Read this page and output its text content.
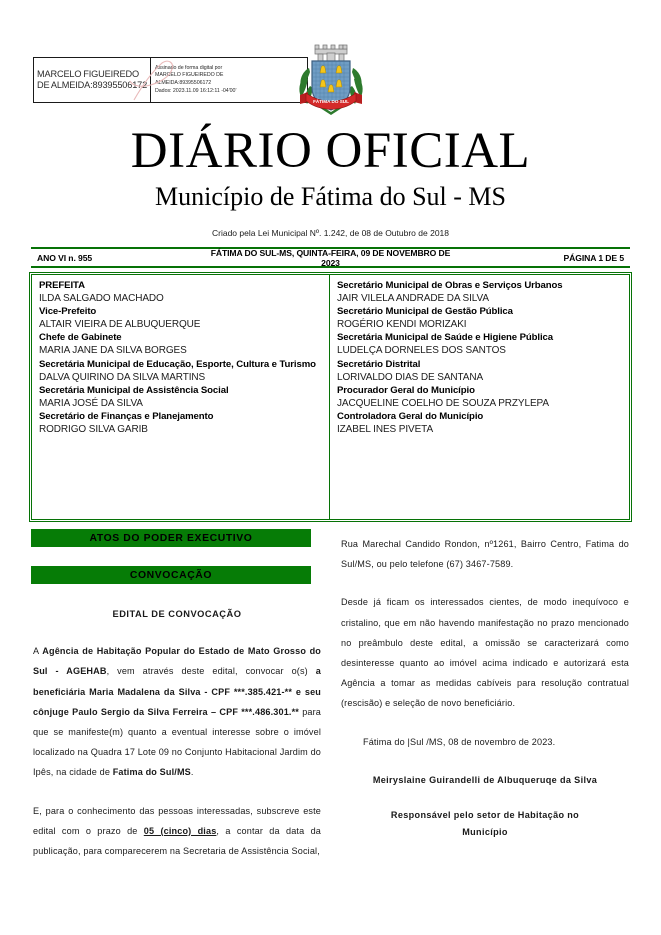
MARCELO FIGUEIREDO DE ALMEIDA:89395506172
Assinado de forma digital por
MARCELO FIGUEIREDO DE
ALMEIDA:89395506172
Dados: 2023.11.09 16:12:11 -04'00'
FÁTIMA DO SUL
DIÁRIO OFICIAL
Município de Fátima do Sul - MS
Criado pela Lei Municipal Nº. 1.242, de 08 de Outubro de 2018
ANO VI n. 955	FÁTIMA DO SUL-MS, QUINTA-FEIRA, 09 DE NOVEMBRO DE 2023	PÁGINA 1 DE 5
PREFEITA
ILDA SALGADO MACHADO
Vice-Prefeito
ALTAIR VIEIRA DE ALBUQUERQUE
Chefe de Gabinete
MARIA JANE DA SILVA BORGES
Secretária Municipal de Educação, Esporte, Cultura e Turismo
DALVA QUIRINO DA SILVA MARTINS
Secretária Municipal de Assistência Social
MARIA JOSÉ DA SILVA
Secretário de Finanças e Planejamento
RODRIGO SILVA GARIB
Secretário Municipal de Obras e Serviços Urbanos
JAIR VILELA ANDRADE DA SILVA
Secretário Municipal de Gestão Pública
ROGÉRIO KENDI MORIZAKI
Secretária Municipal de Saúde e Higiene Pública
LUDELÇA DORNELES DOS SANTOS
Secretário Distrital
LORIVALDO DIAS DE SANTANA
Procurador Geral do Município
JACQUELINE COELHO DE SOUZA PRZYLEPA
Controladora Geral do Município
IZABEL INES PIVETA
ATOS DO PODER EXECUTIVO
CONVOCAÇÃO

EDITAL DE CONVOCAÇÃO

A Agência de Habitação Popular do Estado de Mato Grosso do Sul - AGEHAB, vem através deste edital, convocar o(s) a beneficiária Maria Madalena da Silva - CPF ***.385.421-** e seu cônjuge Paulo Sergio da Silva Ferreira – CPF ***.486.301.** para que se manifeste(m) quanto a eventual interesse sobre o imóvel localizado na Quadra 17 Lote 09 no Conjunto Habitacional Jardim do Ipês, na cidade de Fatima do Sul/MS.

E, para o conhecimento das pessoas interessadas, subscreve este edital com o prazo de 05 (cinco) dias, a contar da data da publicação, para comparecerem na Secretaria de Assistência Social,

Rua Marechal Candido Rondon, nº1261, Bairro Centro, Fatima do Sul/MS, ou pelo telefone (67) 3467-7589.

Desde já ficam os interessados cientes, de modo inequívoco e cristalino, que em não havendo manifestação no prazo mencionado no preâmbulo deste edital, a omissão se caracterizará como desinteresse quanto ao imóvel acima indicado e autorizará esta Agência a tomar as medidas cabíveis para resolução contratual (rescisão) e seleção de novo beneficiário.

Fátima do |Sul /MS, 08 de novembro de 2023.

Meiryslaine Guirandelli de Albuqueruqe da Silva

Responsável pelo setor de Habitação no
Município
